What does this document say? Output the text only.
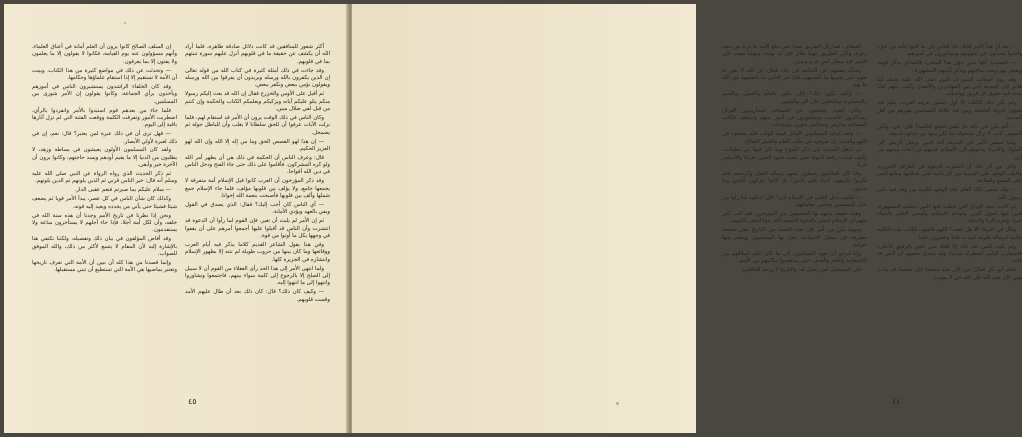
أكثر شعور للمنافقين قد كانت دلائل صادقة ظاهرة، فلما أراد الله أن يكشف عن حقيقة ما في قلوبهم أنزل عليهم سورة تنبئهم بما في قلوبهم.

وقد جاءت في ذلك أمثلة كثيرة في كتاب الله من قوله تعالى إن الذين يكفرون بالله ورسله ويريدون أن يفرقوا بين الله ورسله ويقولون نؤمن ببعض ونكفر ببعض.

ثم أقبل على الأوس والخزرج فقال إن الله قد بعث إليكم رسولا منكم يتلو عليكم آياته ويزكيكم ويعلمكم الكتاب والحكمة وإن كنتم من قبل لفي ضلال مبين.

وكان الناس في ذلك الوقت يرون أن الأمر قد استقام لهم، فلما نزلت الآيات عرفوا أن للحق سلطانا لا يغلب وأن للباطل جولة ثم يضمحل.

— إن هذا لهو القصص الحق وما من إله إلا الله وإن الله لهو العزيز الحكيم.

قال: وعرف الناس أن الحكمة في ذلك هي أن يظهر أمر الله ولو كره المشركون، فأقاموا على ذلك حتى جاء الفتح ودخل الناس في دين الله أفواجا.

وقد ذكر المؤرخون أن العرب كانوا قبل الإسلام أمة متفرقة لا يجمعها جامع، ولا يؤلف بين قلوبها مؤلف، فلما جاء الإسلام جمع شملها وألف بين قلوبها فأصبحت بنعمة الله إخوانا.

— أي الناس كان أحب إليك؟ فقال: الذي يصدق في القول ويفي بالعهد ويؤدي الأمانة.

ثم إن الأمر لم يلبث أن تغير، فإن القوم لما رأوا أن الدعوة قد انتشرت وأن الناس قد أقبلوا عليها أجمعوا أمرهم على أن يقفوا في وجهها بكل ما أوتوا من قوة.

وفي هذا يقول الشاعر القديم كلاما يذكر فيه أيام العرب ووقائعها وما كان بينها من حروب طويلة لم تنته إلا بظهور الإسلام وانتشاره في الجزيرة كلها.

ولما انتهى الأمر إلى هذا الحد رأى العقلاء من القوم أن لا سبيل إلى الصلح إلا بالرجوع إلى كلمة سواء بينهم، فاجتمعوا وتشاوروا وانتهوا إلى ما انتهوا إليه.

— وكيف كان ذلك؟ قال: كان ذلك بعد أن طال عليهم الأمد وقست قلوبهم.

إن السلف الصالح كانوا يرون أن العلم أمانة في أعناق العلماء، وأنهم مسؤولون عنه يوم القيامة، فكانوا لا يقولون إلا ما يعلمون ولا يفتون إلا بما يعرفون.

— وتحدثت عن ذلك في مواضع كثيرة من هذا الكتاب، وبينت أن الأمة لا تستقيم إلا إذا استقام علماؤها وحكامها.

وقد كان الخلفاء الراشدون يستشيرون الناس في أمورهم ويأخذون برأي الجماعة، وكانوا يقولون إن الأمر شورى بين المسلمين.

فلما جاء من بعدهم قوم استبدوا بالأمر وانفردوا بالرأي، اضطربت الأمور وتفرقت الكلمة ووقعت الفتنة التي لم تزل آثارها باقية إلى اليوم.

— فهل ترى أن في ذلك عبرة لمن يعتبر؟ قال: نعم، إن في ذلك لعبرة لأولي الأبصار.

ولقد كان المسلمون الأولون يعيشون في بساطة وزهد، لا يطلبون من الدنيا إلا ما يقيم أودهم ويسد حاجتهم، وكانوا يرون أن الآخرة خير وأبقى.

ثم ذكر الحديث الذي رواه الرواة عن النبي صلى الله عليه وسلم أنه قال: خير الناس قرني ثم الذين يلونهم ثم الذين يلونهم.

— سلام عليكم بما صبرتم فنعم عقبى الدار.

وكذلك كان شأن الناس في كل عصر، يبدأ الأمر قويا ثم يضعف شيئا فشيئا حتى يأتي من يجدده ويعيد إليه قوته.

ونحن إذا نظرنا في تاريخ الأمم وجدنا أن هذه سنة الله في خلقه، وأن لكل أمة أجلا، فإذا جاء أجلهم لا يستأخرون ساعة ولا يستقدمون.

وقد أفاض المؤلفون في بيان ذلك وتفصيله، ولكننا نكتفي هنا بالإشارة إليه لأن المقام لا يتسع لأكثر من ذلك، والله الموفق للصواب.

وإنما قصدنا من هذا كله أن نبين أن الأمة التي تعرف تاريخها وتعتبر بماضيها هي الأمة التي تستطيع أن تبني مستقبلها.

٤٥

— بعد أن هدأ الأمر قليلا، عاد الناس إلى ما كانوا عليه من قبل، وأخذوا يتحدثون في شؤونهم ويتشاورون في أمورهم.

— القصيدة كلها تدور حول هذا المعنى، فالشاعر يذكر قومه ويفخر بهم ويعدد مناقبهم ويذكر أيامهم المشهورة.

وقد روى أصحاب السير أن النبي صلى الله عليه وسلم لما هاجر إلى المدينة آخى بين المهاجرين والأنصار، وكتب بينهم كتابا يحدد فيه حقوق كل فريق وواجباته.

ولم يكن ذلك الكتاب إلا أول دستور عرفه العرب، نظم فيه شؤون الدولة الناشئة، وبين فيه علاقة المسلمين بغيرهم من أهل المدينة.

— ألم يكن في ذلك ما يكفي لجمع الكلمة؟ قال: بلى، ولكن النفوس كانت لا تزال مشغولة بما كان بينها من عداوة قديمة.

ولما استقر الأمر في المدينة أخذ النبي يرسل الرسل إلى الملوك والأمراء يدعوهم إلى الإسلام، فمنهم من أجاب ومنهم من أبى.

وكان من أثر ذلك أن انتشرت الدعوة في أطراف الجزيرة، وأقبلت الوفود على المدينة من كل ناحية تعلن إسلامها وتبايع النبي على السمع والطاعة.

— وقد سمي ذلك العام عام الوفود لكثرة من وفد فيه على رسول الله.

ثم كانت حجة الوداع التي خطب فيها النبي خطبته المشهورة، فبين فيها أصول الدين وقواعد الإسلام، وأوصى الناس بالنساء خيرا، وحرم الربا والدماء.

وقال في آخرها: ألا هل بلغت؟ اللهم فاشهد، فكانت هذه الكلمة خاتمة لرسالة طويلة امتدت ثلاثة وعشرين عاما.

ولم يلبث النبي بعد ذلك إلا قليلا حتى لحق بالرفيق الأعلى، فاضطرب الناس اضطرابا شديدا، ولم يصدق بعضهم أن النبي قد مات.

فقام أبو بكر فقال: من كان يعبد محمدا فإن محمدا قد مات، ومن كان يعبد الله فإن الله حي لا يموت.

العظام ، فما زال الطريق بعيدا حتى تبلغ الأمة ما تريد من مجد وعزة، ولكن الطريق مهما طال فإن له نهاية، ومهما صعب فإن السير فيه ممكن لمن عزم وصبر.

وسأله بعضهم عن الحكمة في ذلك فقال: إن الله لا يغير ما بقوم حتى يغيروا ما بأنفسهم، فإذا غير الناس ما بأنفسهم غير الله ما بهم.

— وكيف يكون ذلك؟ قال: يكون بالعلم والعمل، وبالصبر والمصابرة، وبالتعاون على البر والتقوى.

وكان القوم يجتمعون في المساجد فيتدارسون القرآن ويتذاكرون الحديث، ويتشاورون في أمور دينهم ودنياهم، فكانت المساجد مدارس ومجالس شورى ومنتديات.

— ولقد عرف المسلمون الأوائل قيمة الوقت فلم يضيعوه في اللهو والعبث، بل صرفوه في طلب العلم والعمل الصالح.

ثم انتقل الحديث إلى ذكر الفتوح وما كان فيها من بطولات، وكيف امتدت رقعة الدولة حتى بلغت حدود الصين شرقا والأندلس غربا.

وقد كان الفاتحون يحملون معهم رسالة العدل والرحمة، فلم يكونوا يكرهون أحدا على الدين، بل كانوا يتركون الناس وما يدينون.

— فكيف دخل الناس في الإسلام إذن؟ قال: دخلوه لما رأوا من عدل المسلمين وحسن معاملتهم.

وهذه حقيقة يشهد بها المنصفون من المؤرخين، فقد كتب كثير منهم أن الإسلام انتشر بالقدوة الحسنة أكثر مما انتشر بالسيف.

ومهما يكن من أمر فإن هذه الحقبة من التاريخ تبقى صفحة مشرقة في سجل الإنسانية، يعتز بها المسلمون ويتعلم منها غيرهم.

وإنا لنرجو أن يعود المسلمون إلى ما كان عليه أسلافهم من الاستقامة والعلم والعمل، حتى يستعيدوا مكانتهم بين الأمم.

فإن المستقبل لمن يعمل له، والتاريخ لا يرحم الغافلين.

٤٤
